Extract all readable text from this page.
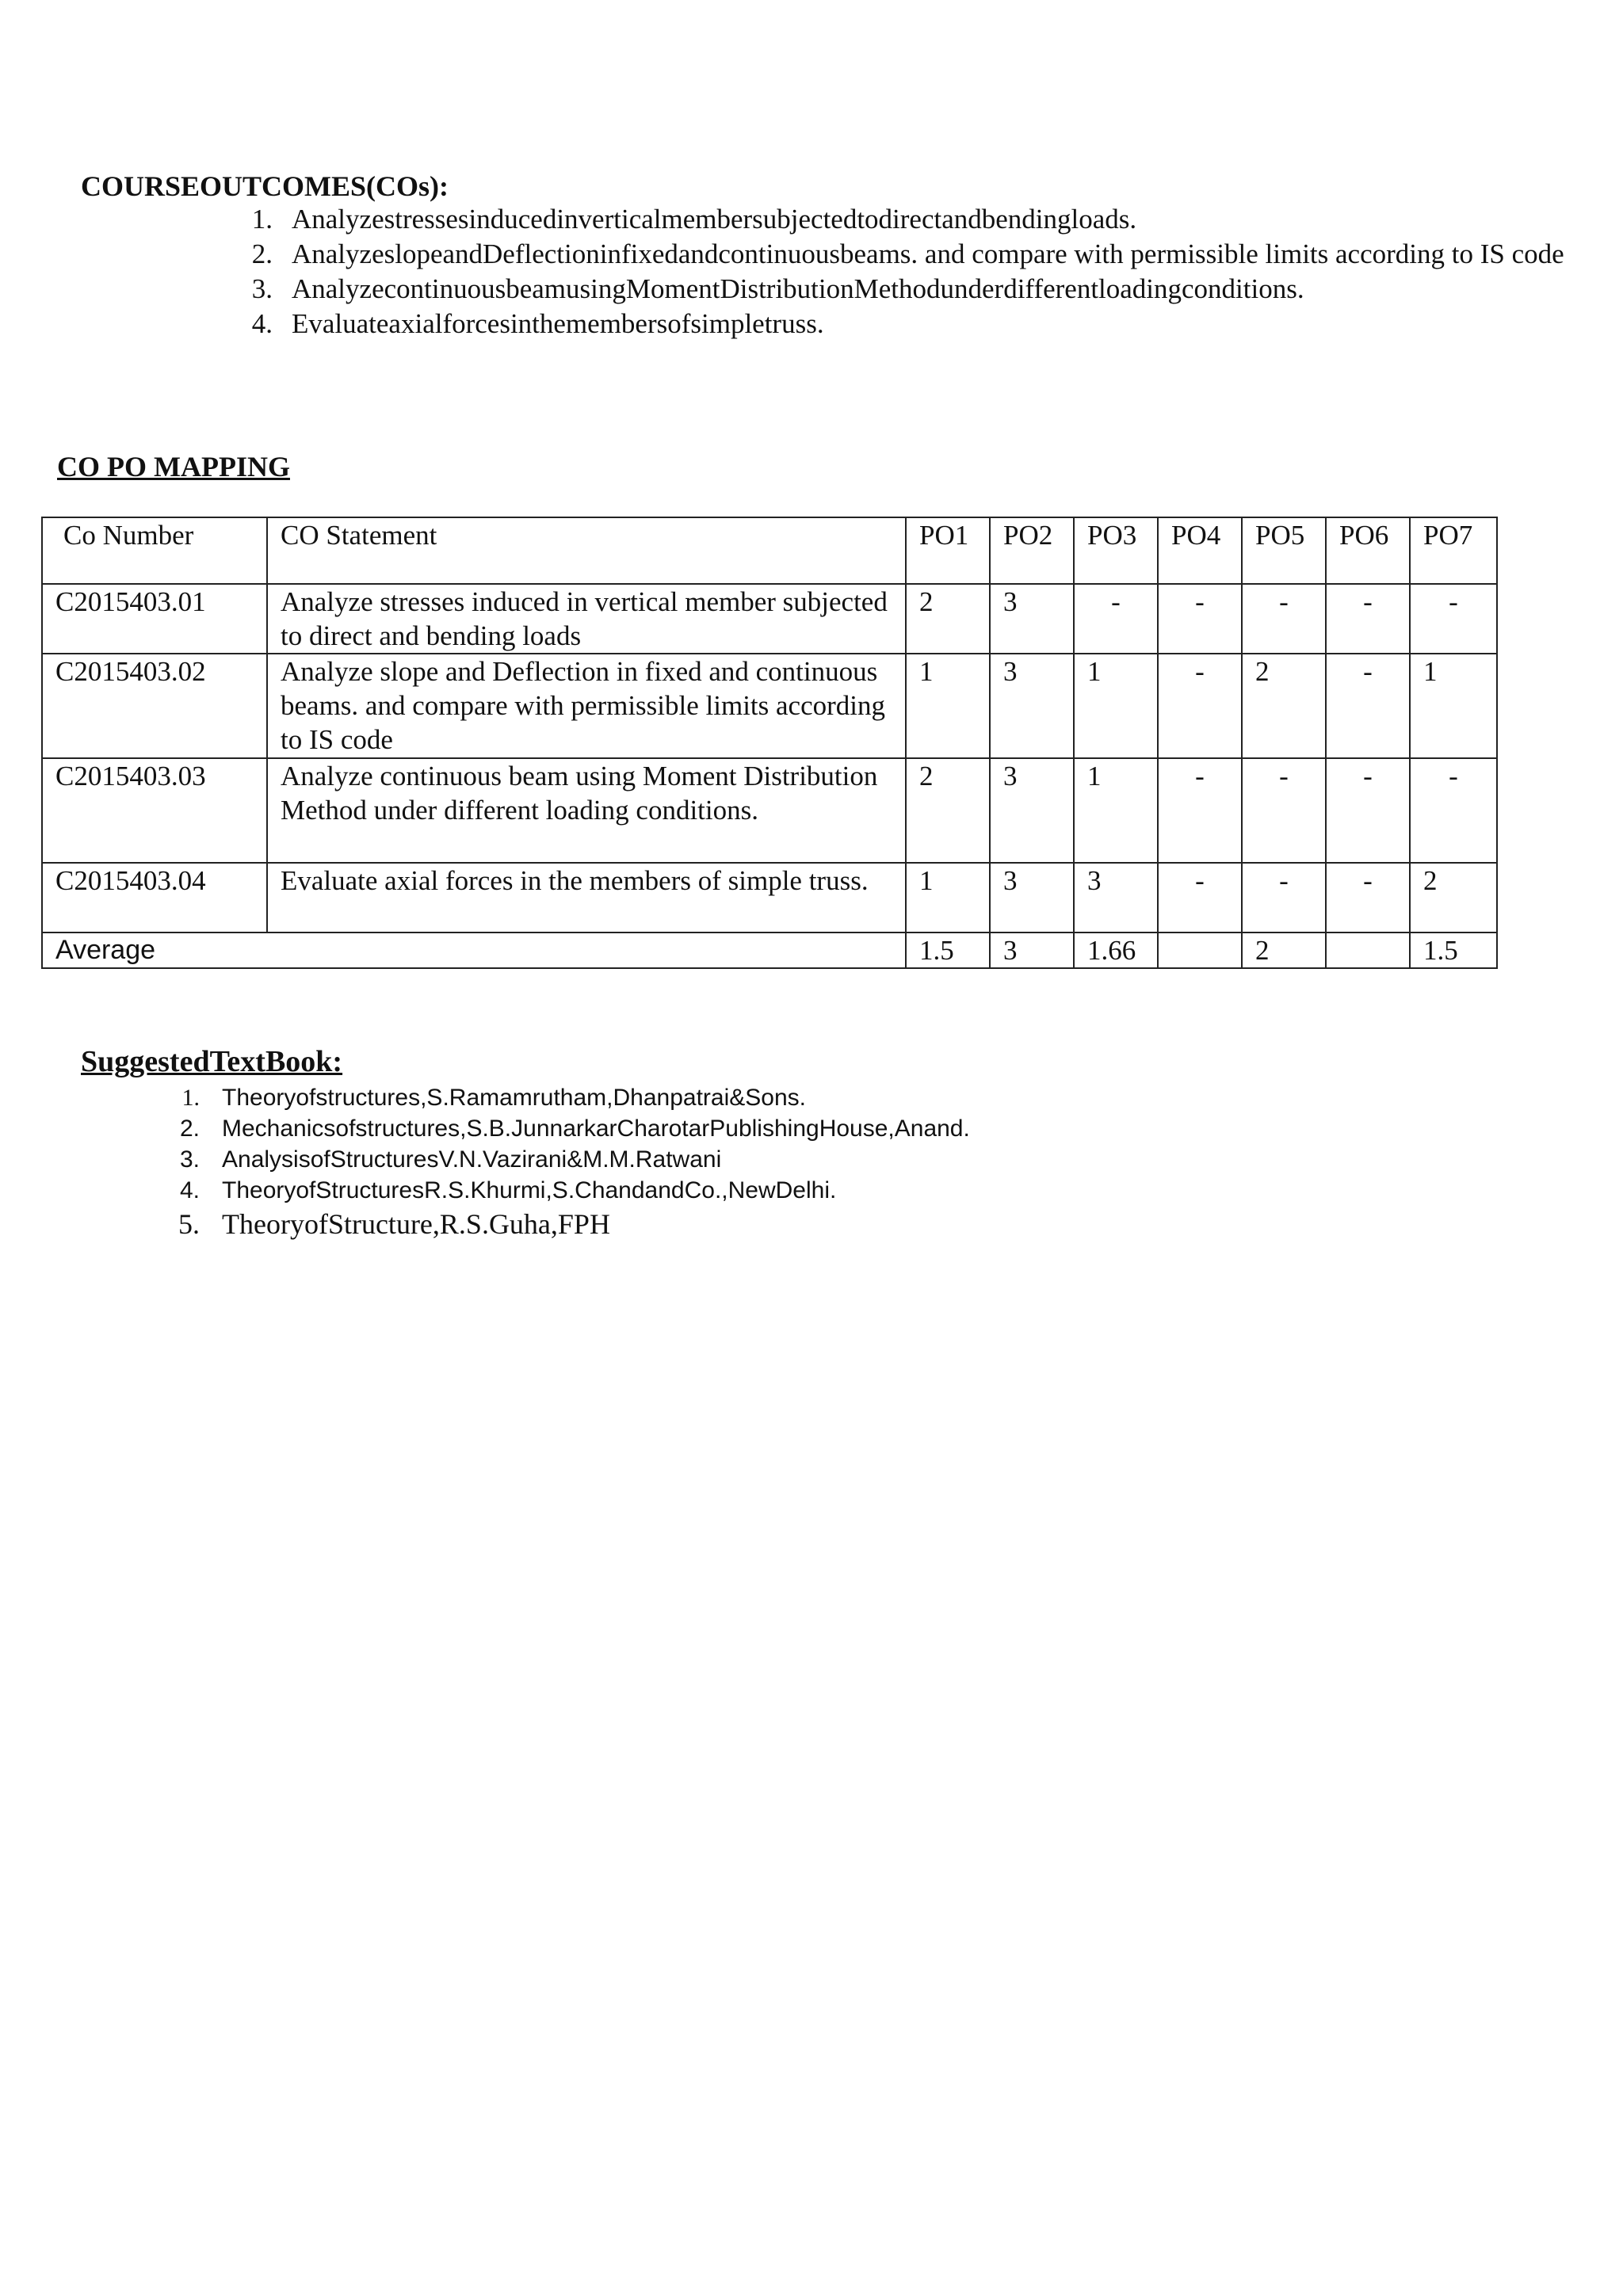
COURSEOUTCOMES(COs):
1. Analyzestressesinducedinverticalmembersubjectedtodirectandbendingloads.
2. AnalyzeslopeandDeflectioninfixedandcontinuousbeams. and compare with permissible limits according to IS code
3. AnalyzecontinuousbeamusingMomentDistributionMethodunderdifferentloadingconditions.
4. Evaluateaxialforcesinthemembersofsimpletruss.
CO PO MAPPING
Co Number	CO Statement	PO1	PO2	PO3	PO4	PO5	PO6	PO7
C2015403.01	Analyze stresses induced in vertical member subjected to direct and bending loads	2	3	-	-	-	-	-
C2015403.02	Analyze slope and Deflection in fixed and continuous beams. and compare with permissible limits according to IS code	1	3	1	-	2	-	1
C2015403.03	Analyze continuous beam using Moment Distribution Method under different loading conditions.	2	3	1	-	-	-	-
C2015403.04	Evaluate axial forces in the members of simple truss.	1	3	3	-	-	-	2
Average		1.5	3	1.66		2		1.5
SuggestedTextBook:
1. Theoryofstructures,S.Ramamrutham,Dhanpatrai&Sons.
2. Mechanicsofstructures,S.B.JunnarkarCharotarPublishingHouse,Anand.
3. AnalysisofStructuresV.N.Vazirani&M.M.Ratwani
4. TheoryofStructuresR.S.Khurmi,S.ChandandCo.,NewDelhi.
5. TheoryofStructure,R.S.Guha,FPH
